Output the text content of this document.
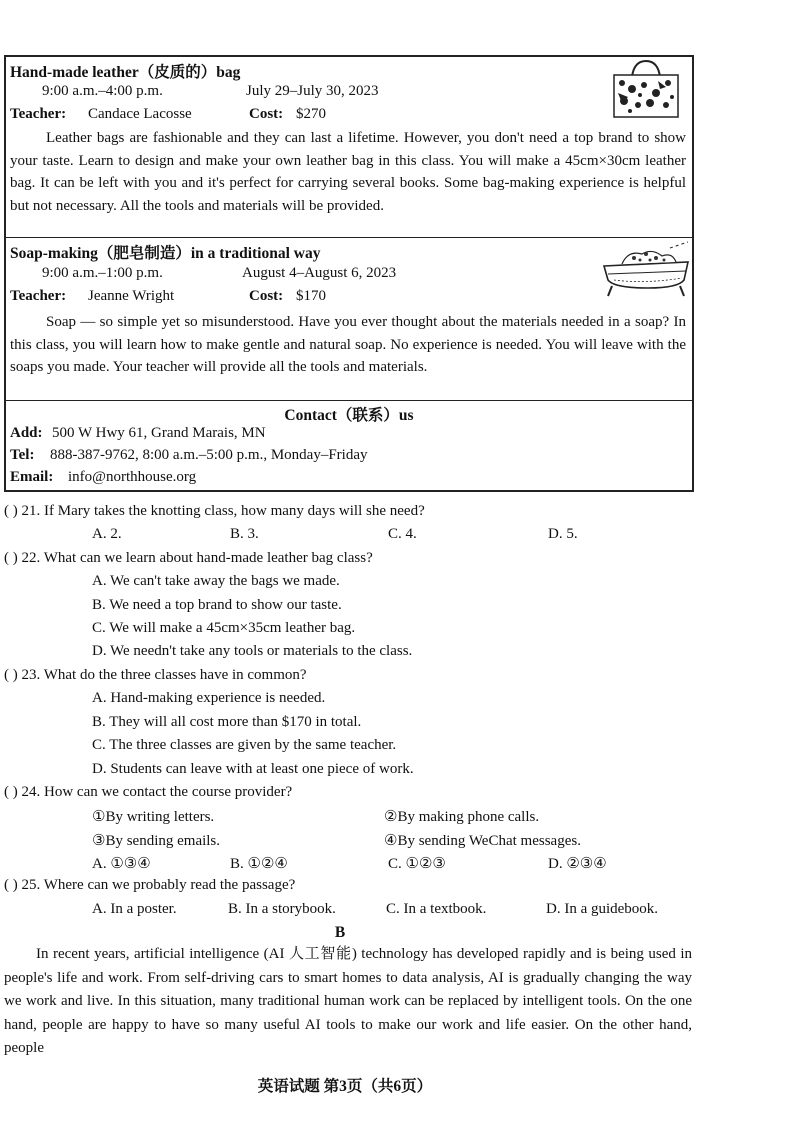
Hand-made leather（皮质的）bag
9:00 a.m.–4:00 p.m.	July 29–July 30, 2023
Teacher: Candace Lacosse	Cost: $270
Leather bags are fashionable and they can last a lifetime. However, you don't need a top brand to show your taste. Learn to design and make your own leather bag in this class. You will make a 45cm×30cm leather bag. It can be left with you and it's perfect for carrying several books. Some bag-making experience is helpful but not necessary. All the tools and materials will be provided.
Soap-making（肥皂制造）in a traditional way
9:00 a.m.–1:00 p.m.	August 4–August 6, 2023
Teacher: Jeanne Wright	Cost: $170
Soap — so simple yet so misunderstood. Have you ever thought about the materials needed in a soap? In this class, you will learn how to make gentle and natural soap. No experience is needed. You will leave with the soaps you made. Your teacher will provide all the tools and materials.
Contact（联系）us
Add: 500 W Hwy 61, Grand Marais, MN
Tel: 888-387-9762, 8:00 a.m.–5:00 p.m., Monday–Friday
Email: info@northhouse.org
( ) 21. If Mary takes the knotting class, how many days will she need?
A. 2.	B. 3.	C. 4.	D. 5.
( ) 22. What can we learn about hand-made leather bag class?
A. We can't take away the bags we made.
B. We need a top brand to show our taste.
C. We will make a 45cm×35cm leather bag.
D. We needn't take any tools or materials to the class.
( ) 23. What do the three classes have in common?
A. Hand-making experience is needed.
B. They will all cost more than $170 in total.
C. The three classes are given by the same teacher.
D. Students can leave with at least one piece of work.
( ) 24. How can we contact the course provider?
①By writing letters.	②By making phone calls.
③By sending emails.	④By sending WeChat messages.
A. ①③④	B. ①②④	C. ①②③	D. ②③④
( ) 25. Where can we probably read the passage?
A. In a poster.	B. In a storybook.	C. In a textbook.	D. In a guidebook.
B
In recent years, artificial intelligence (AI 人工智能) technology has developed rapidly and is being used in people's life and work. From self-driving cars to smart homes to data analysis, AI is gradually changing the way we work and live. In this situation, many traditional human work can be replaced by intelligent tools. On the one hand, people are happy to have so many useful AI tools to make our work and life easier. On the other hand, people
英语试题 第3页（共6页）
